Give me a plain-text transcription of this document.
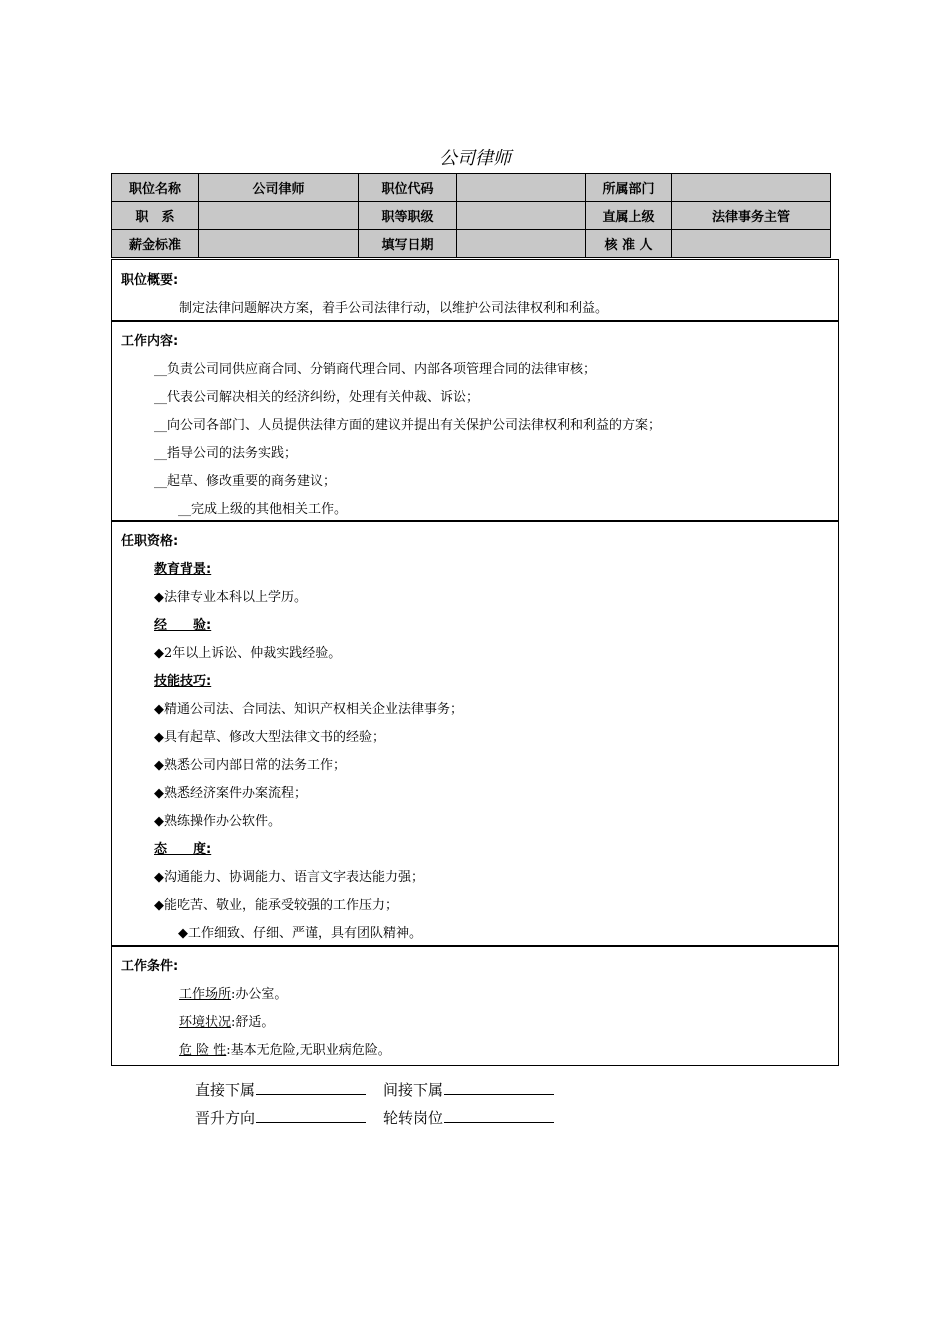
公司律师
职位名称	公司律师	职位代码		所属部门	
职　系		职等职级		直属上级	法律事务主管
薪金标准		填写日期		核 准 人	
职位概要:
制定法律问题解决方案，着手公司法律行动，以维护公司法律权利和利益。
工作内容:
__负责公司同供应商合同、分销商代理合同、内部各项管理合同的法律审核；
__代表公司解决相关的经济纠纷，处理有关仲裁、诉讼；
__向公司各部门、人员提供法律方面的建议并提出有关保护公司法律权利和利益的方案；
__指导公司的法务实践；
__起草、修改重要的商务建议；
__完成上级的其他相关工作。
任职资格:
教育背景:
◆法律专业本科以上学历。
经　　验:
◆2年以上诉讼、仲裁实践经验。
技能技巧:
◆精通公司法、合同法、知识产权相关企业法律事务；
◆具有起草、修改大型法律文书的经验；
◆熟悉公司内部日常的法务工作；
◆熟悉经济案件办案流程；
◆熟练操作办公软件。
态　　度:
◆沟通能力、协调能力、语言文字表达能力强；
◆能吃苦、敬业，能承受较强的工作压力；
◆工作细致、仔细、严谨，具有团队精神。
工作条件:
工作场所:办公室。
环境状况:舒适。
危 险 性:基本无危险,无职业病危险。
直接下属	间接下属
晋升方向	轮转岗位
